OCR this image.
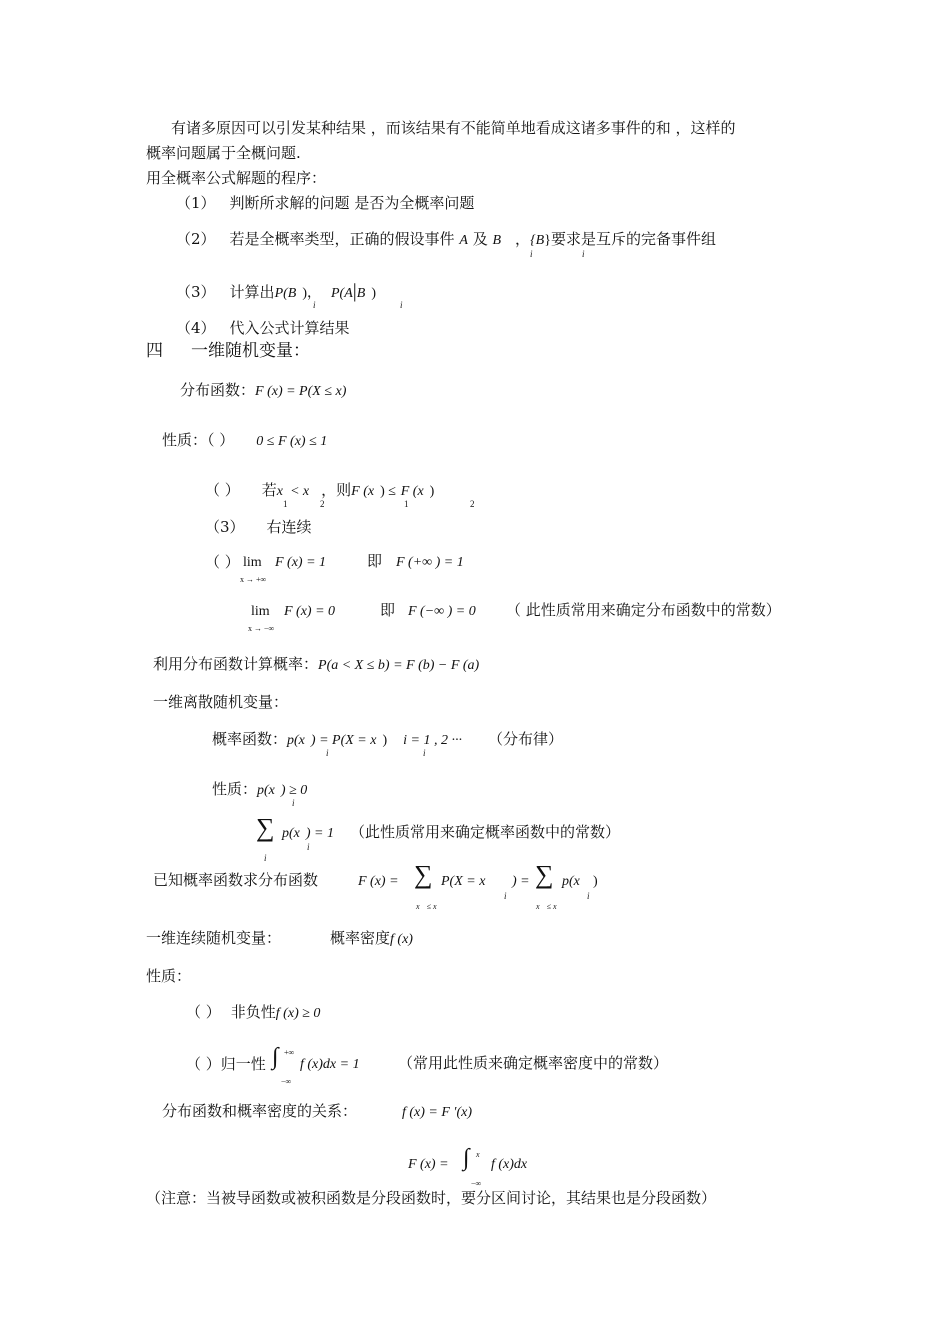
有诸多原因可以引发某种结果 ，而该结果有不能简单地看成这诸多事件的和 ，这样的
概率问题属于全概问题.
用全概率公式解题的程序：
（1） 判断所求解的问题 是否为全概率问题
（2） 若是全概率类型，正确的假设事件 A 及 B ，{B}要求是互斥的完备事件组
i	i
（3） 计算出P(B )， P(A|B )
i	i
（4） 代入公式计算结果
四 一维随机变量：
分布函数：F (x) = P(X ≤ x)
性质：（ ） 0 ≤ F (x) ≤ 1
（ ） 若x < x ，则F (x ) ≤ F (x )
1	2	1	2
（3） 右连续
（ ） lim
x → +∞
F (x) = 1	即 F (+∞ ) = 1
lim
x → −∞
F (x) = 0	即 F (−∞ ) = 0 （ 此性质常用来确定分布函数中的常数）
利用分布函数计算概率：P(a < X ≤ b) = F (b) − F (a)
一维离散随机变量：
概率函数：p(x ) = P(X = x ) i = 1 , 2 ··· （分布律）
i	i
性质：p(x ) ≥ 0
i
∑
i
p(x ) = 1 （此性质常用来确定概率函数中的常数）
i
已知概率函数求分布函数	F (x) = ∑
x ≤ x
P(X = x
i
) = ∑
x ≤ x
p(x
i
)
一维连续随机变量：	概率密度f (x)
性质：
（ ） 非负性f (x) ≥ 0
（ ）归一性 ∫ +∞
−∞
f (x)dx = 1	（常用此性质来确定概率密度中的常数）
分布函数和概率密度的关系：	f (x) = F ′(x)
F (x) = ∫ x
−∞
f (x)dx
（注意：当被导函数或被积函数是分段函数时，要分区间讨论，其结果也是分段函数）
